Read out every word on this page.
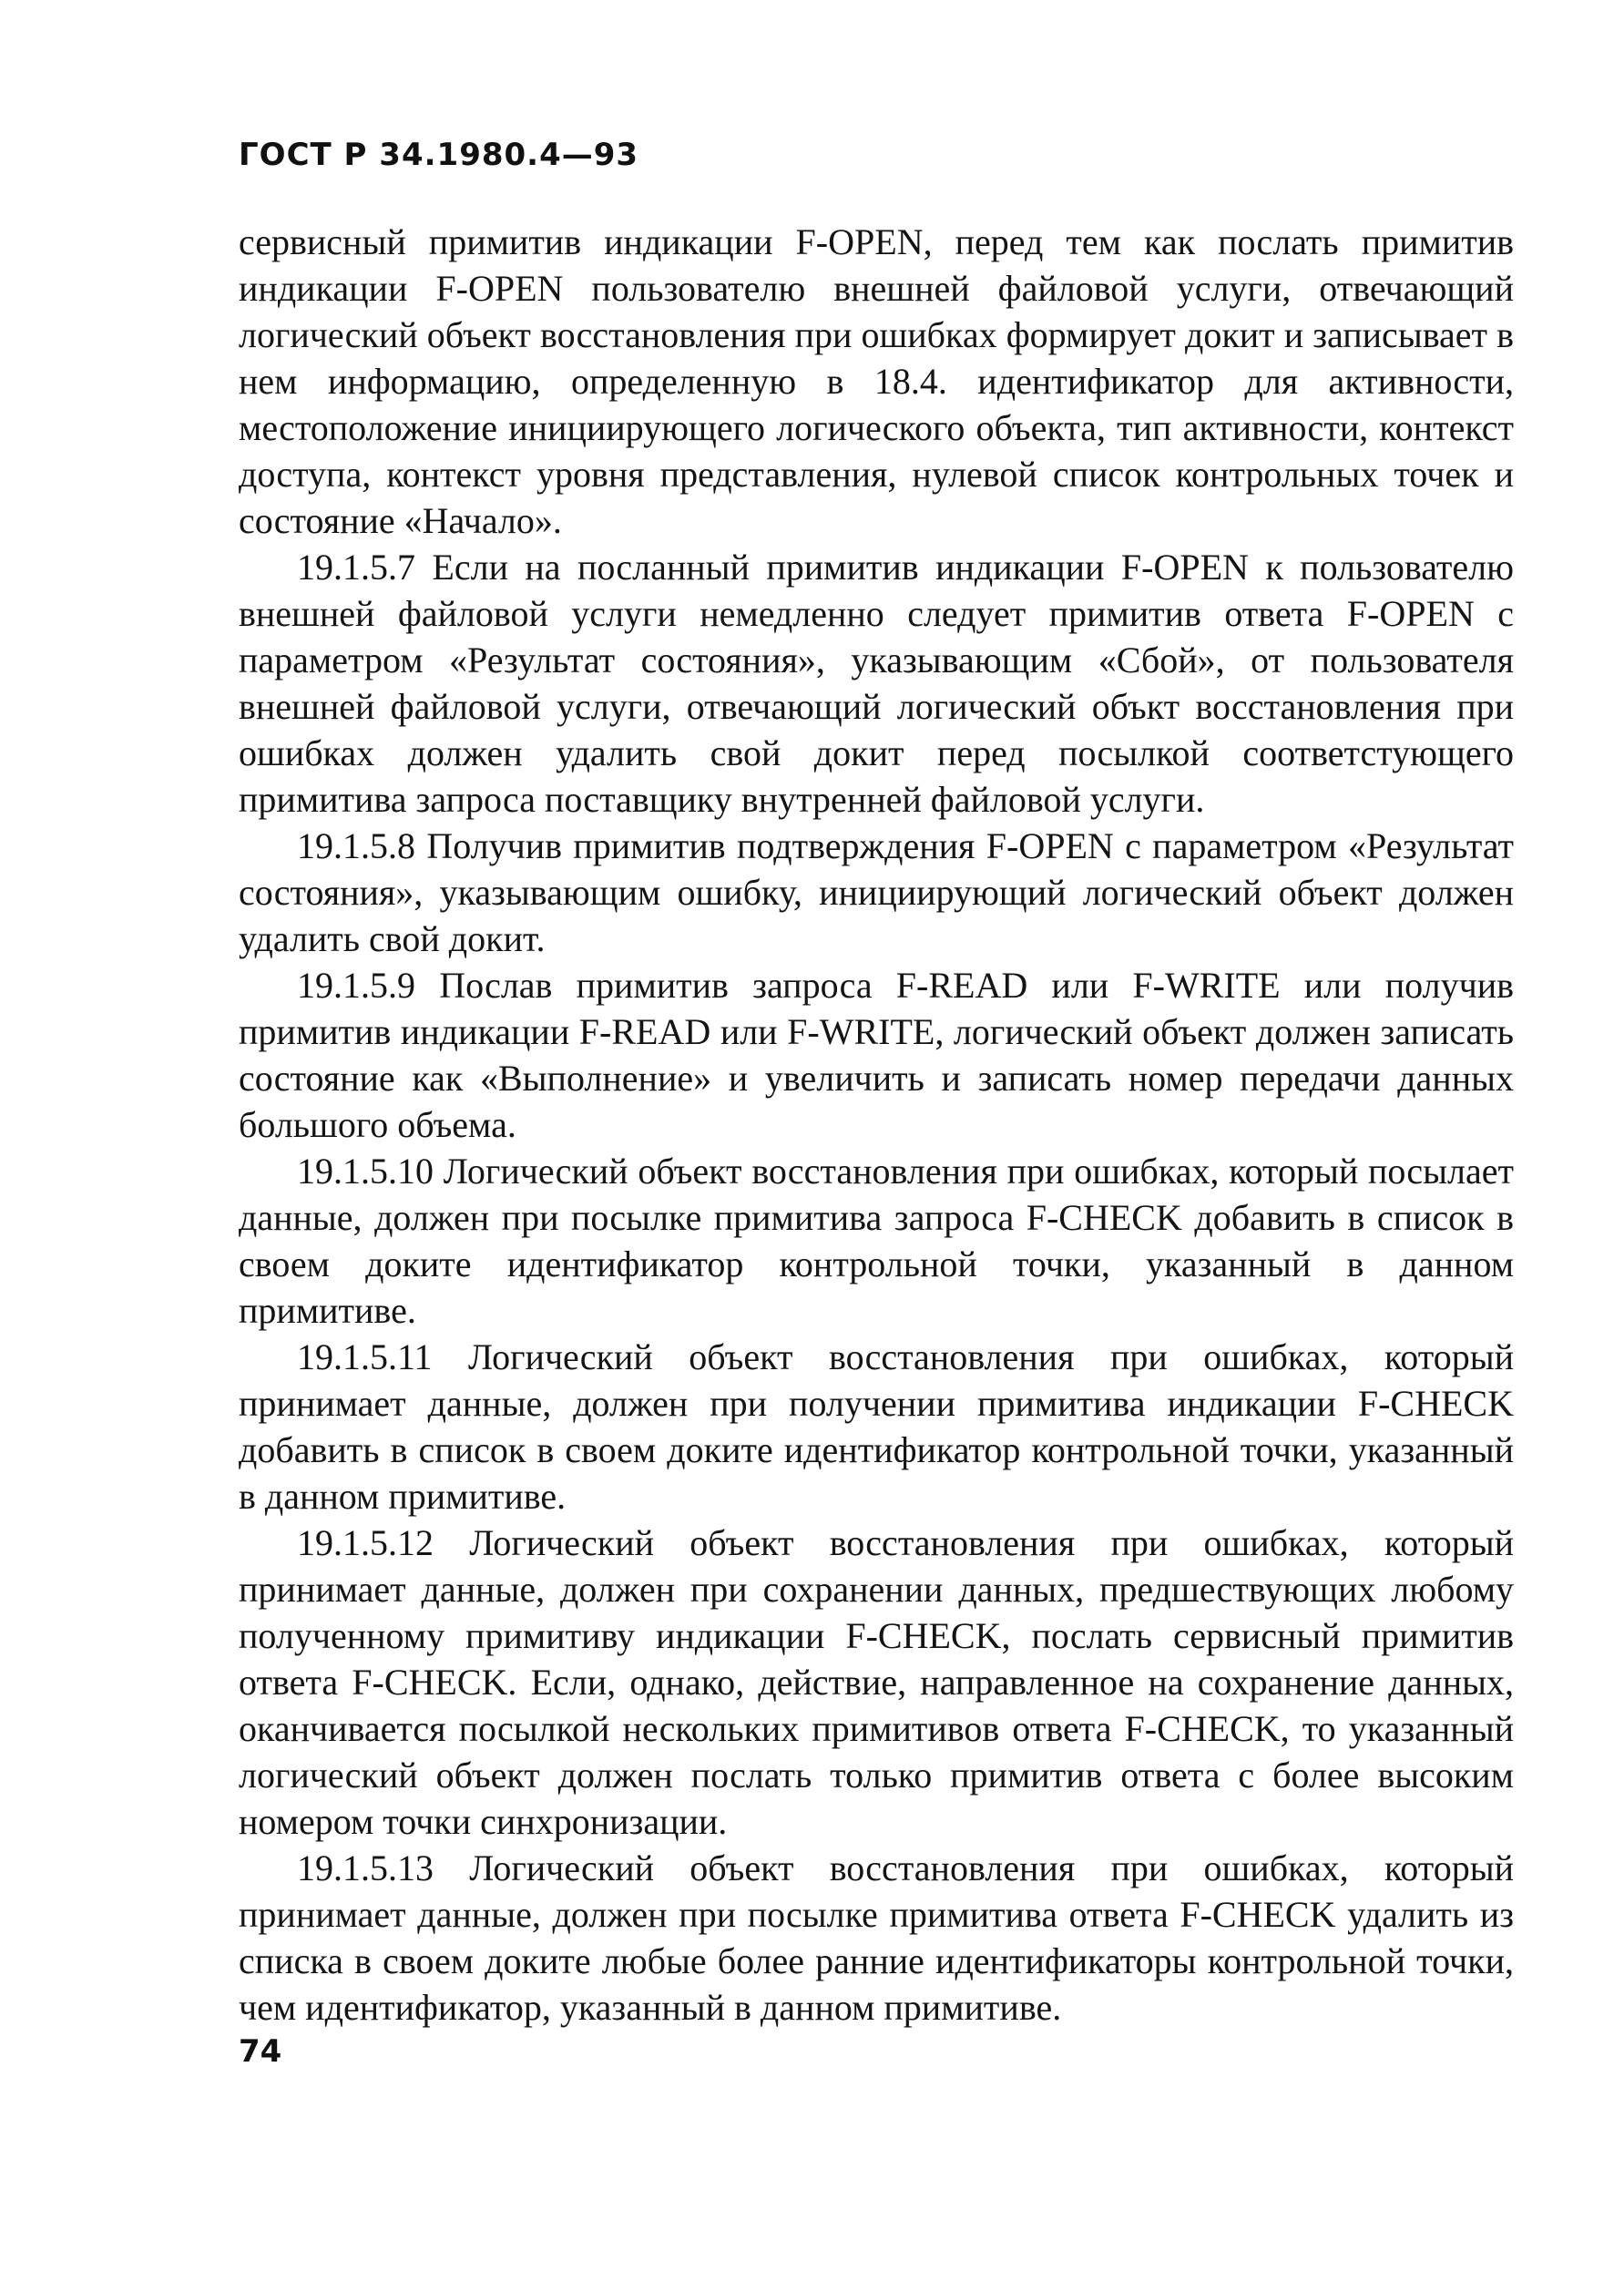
ГОСТ Р 34.1980.4—93

сервисный примитив индикации F-OPEN, перед тем как послать примитив индикации F-OPEN пользователю внешней файловой услуги, отвечающий логический объект восстановления при ошибках формирует докит и записывает в нем информацию, определенную в 18.4. идентификатор для активности, местоположение инициирующего логического объекта, тип активности, контекст доступа, контекст уровня представления, нулевой список контрольных точек и состояние «Начало».

19.1.5.7 Если на посланный примитив индикации F-OPEN к пользователю внешней файловой услуги немедленно следует примитив ответа F-OPEN с параметром «Результат состояния», указывающим «Сбой», от пользователя внешней файловой услуги, отвечающий логический объкт восстановления при ошибках должен удалить свой докит перед посылкой соответстующего примитива запроса поставщику внутренней файловой услуги.

19.1.5.8 Получив примитив подтверждения F-OPEN с параметром «Результат состояния», указывающим ошибку, инициирующий логический объект должен удалить свой докит.

19.1.5.9 Послав примитив запроса F-READ или F-WRITE или получив примитив индикации F-READ или F-WRITE, логический объект должен записать состояние как «Выполнение» и увеличить и записать номер передачи данных большого объема.

19.1.5.10 Логический объект восстановления при ошибках, который посылает данные, должен при посылке примитива запроса F-CHECK добавить в список в своем докитe идентификатор контрольной точки, указанный в данном примитиве.

19.1.5.11 Логический объект восстановления при ошибках, который принимает данные, должен при получении примитива индикации F-CHECK добавить в список в своем докитe идентификатор контрольной точки, указанный в данном примитиве.

19.1.5.12 Логический объект восстановления при ошибках, который принимает данные, должен при сохранении данных, предшествующих любому полученному примитиву индикации F-CHECK, послать сервисный примитив ответа F-CHECK. Если, однако, действие, направленное на сохранение данных, оканчивается посылкой нескольких примитивов ответа F-CHECK, то указанный логический объект должен послать только примитив ответа с более высоким номером точки синхронизации.

19.1.5.13 Логический объект восстановления при ошибках, который принимает данные, должен при посылке примитива ответа F-CHECK удалить из списка в своем докитe любые более ранние идентификаторы контрольной точки, чем идентификатор, указанный в данном примитиве.

74
